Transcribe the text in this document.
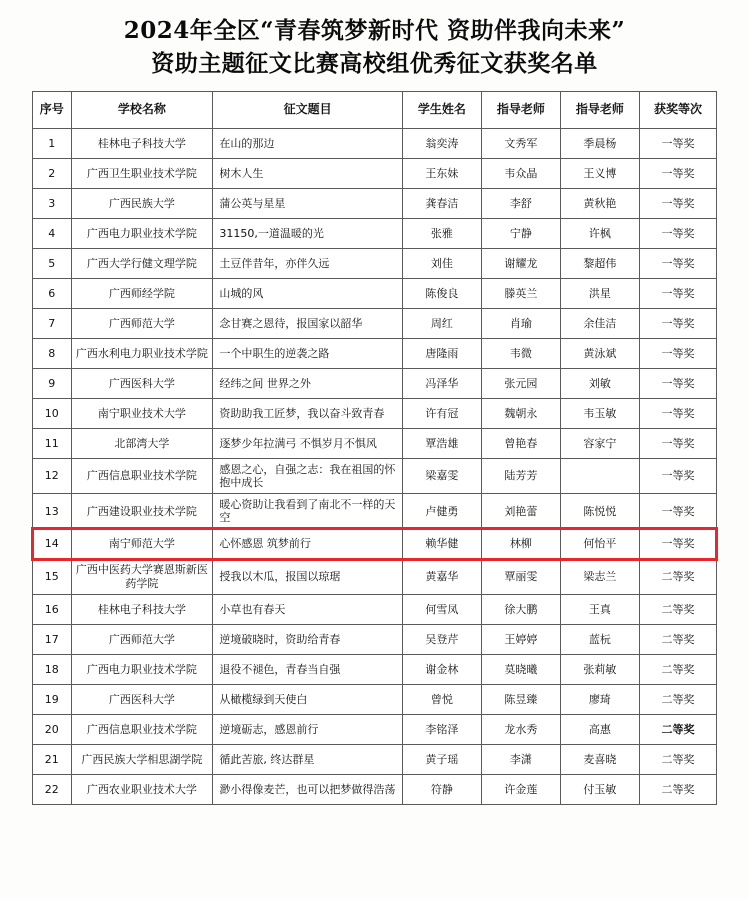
2024年全区“青春筑梦新时代 资助伴我向未来”
资助主题征文比赛高校组优秀征文获奖名单
序号	学校名称	征文题目	学生姓名	指导老师	指导老师	获奖等次
1	桂林电子科技大学	在山的那边	翁奕涛	文秀军	季晨杨	一等奖
2	广西卫生职业技术学院	树木人生	王东妹	韦众晶	王义博	一等奖
3	广西民族大学	蒲公英与星星	龚春洁	李舒	黄秋艳	一等奖
4	广西电力职业技术学院	31150,一道温暖的光	张雅	宁静	许枫	一等奖
5	广西大学行健文理学院	土豆伴昔年，亦伴久远	刘佳	谢耀龙	黎超伟	一等奖
6	广西师经学院	山城的风	陈俊良	滕英兰	洪星	一等奖
7	广西师范大学	念甘赛之恩待，报国家以韶华	周红	肖瑜	余佳洁	一等奖
8	广西水利电力职业技术学院	一个中职生的逆袭之路	唐隆雨	韦微	黄泳斌	一等奖
9	广西医科大学	经纬之间 世界之外	冯泽华	张元园	刘敏	一等奖
10	南宁职业技术大学	资助助我工匠梦，我以奋斗致青春	许有冠	魏朝永	韦玉敏	一等奖
11	北部湾大学	逐梦少年拉满弓 不惧岁月不惧风	覃浩雄	曾艳春	容家宁	一等奖
12	广西信息职业技术学院	感恩之心，自强之志：我在祖国的怀抱中成长	梁嘉雯	陆芳芳		一等奖
13	广西建设职业技术学院	暖心资助让我看到了南北不一样的天空	卢健勇	刘艳蕾	陈悦悦	一等奖
14	南宁师范大学	心怀感恩 筑梦前行	赖华健	林柳	何怡平	一等奖
15	广西中医药大学赛恩斯新医药学院	授我以木瓜，报国以琼琚	黄嘉华	覃丽雯	梁志兰	二等奖
16	桂林电子科技大学	小草也有春天	何雪凤	徐大鹏	王真	二等奖
17	广西师范大学	逆境破晓时，资助给青春	吴登芹	王婷婷	蓝杬	二等奖
18	广西电力职业技术学院	退役不褪色，青春当自强	谢金林	莫晓曦	张莉敏	二等奖
19	广西医科大学	从橄榄绿到天使白	曾悦	陈昱臻	廖琦	二等奖
20	广西信息职业技术学院	逆境砺志，感恩前行	李铭泽	龙水秀	高惠	二等奖
21	广西民族大学相思湖学院	循此苦旅, 终达群星	黄子瑶	李潇	麦喜晓	二等奖
22	广西农业职业技术大学	渺小得像麦芒，也可以把梦做得浩荡	符静	许金莲	付玉敏	二等奖
